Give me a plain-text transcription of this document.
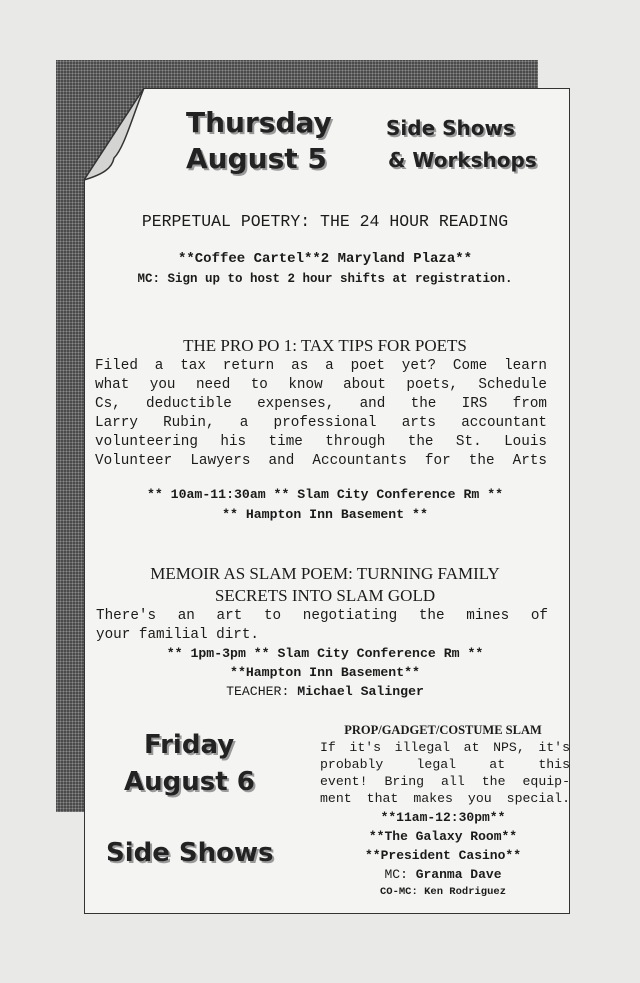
Thursday
August 5
Side Shows
& Workshops
PERPETUAL POETRY: THE 24 HOUR READING
**Coffee Cartel**2 Maryland Plaza**
MC: Sign up to host 2 hour shifts at registration.
THE PRO PO 1: TAX TIPS FOR POETS
Filed a tax return as a poet yet? Come learn
what you need to know about poets, Schedule
Cs, deductible expenses, and the IRS from
Larry Rubin, a professional arts accountant
volunteering his time through the St. Louis
Volunteer Lawyers and Accountants for the Arts
** 10am-11:30am ** Slam City Conference Rm **
** Hampton Inn Basement **
MEMOIR AS SLAM POEM: TURNING FAMILY
SECRETS INTO SLAM GOLD
There's an art to negotiating the mines of
your familial dirt.
** 1pm-3pm ** Slam City Conference Rm **
**Hampton Inn Basement**
TEACHER: Michael Salinger
Friday
August 6
Side Shows
PROP/GADGET/COSTUME SLAM
If it's illegal at NPS, it's
probably legal at this
event! Bring all the equip-
ment that makes you special.
**11am-12:30pm**
**The Galaxy Room**
**President Casino**
MC: Granma Dave
CO-MC: Ken Rodriguez
